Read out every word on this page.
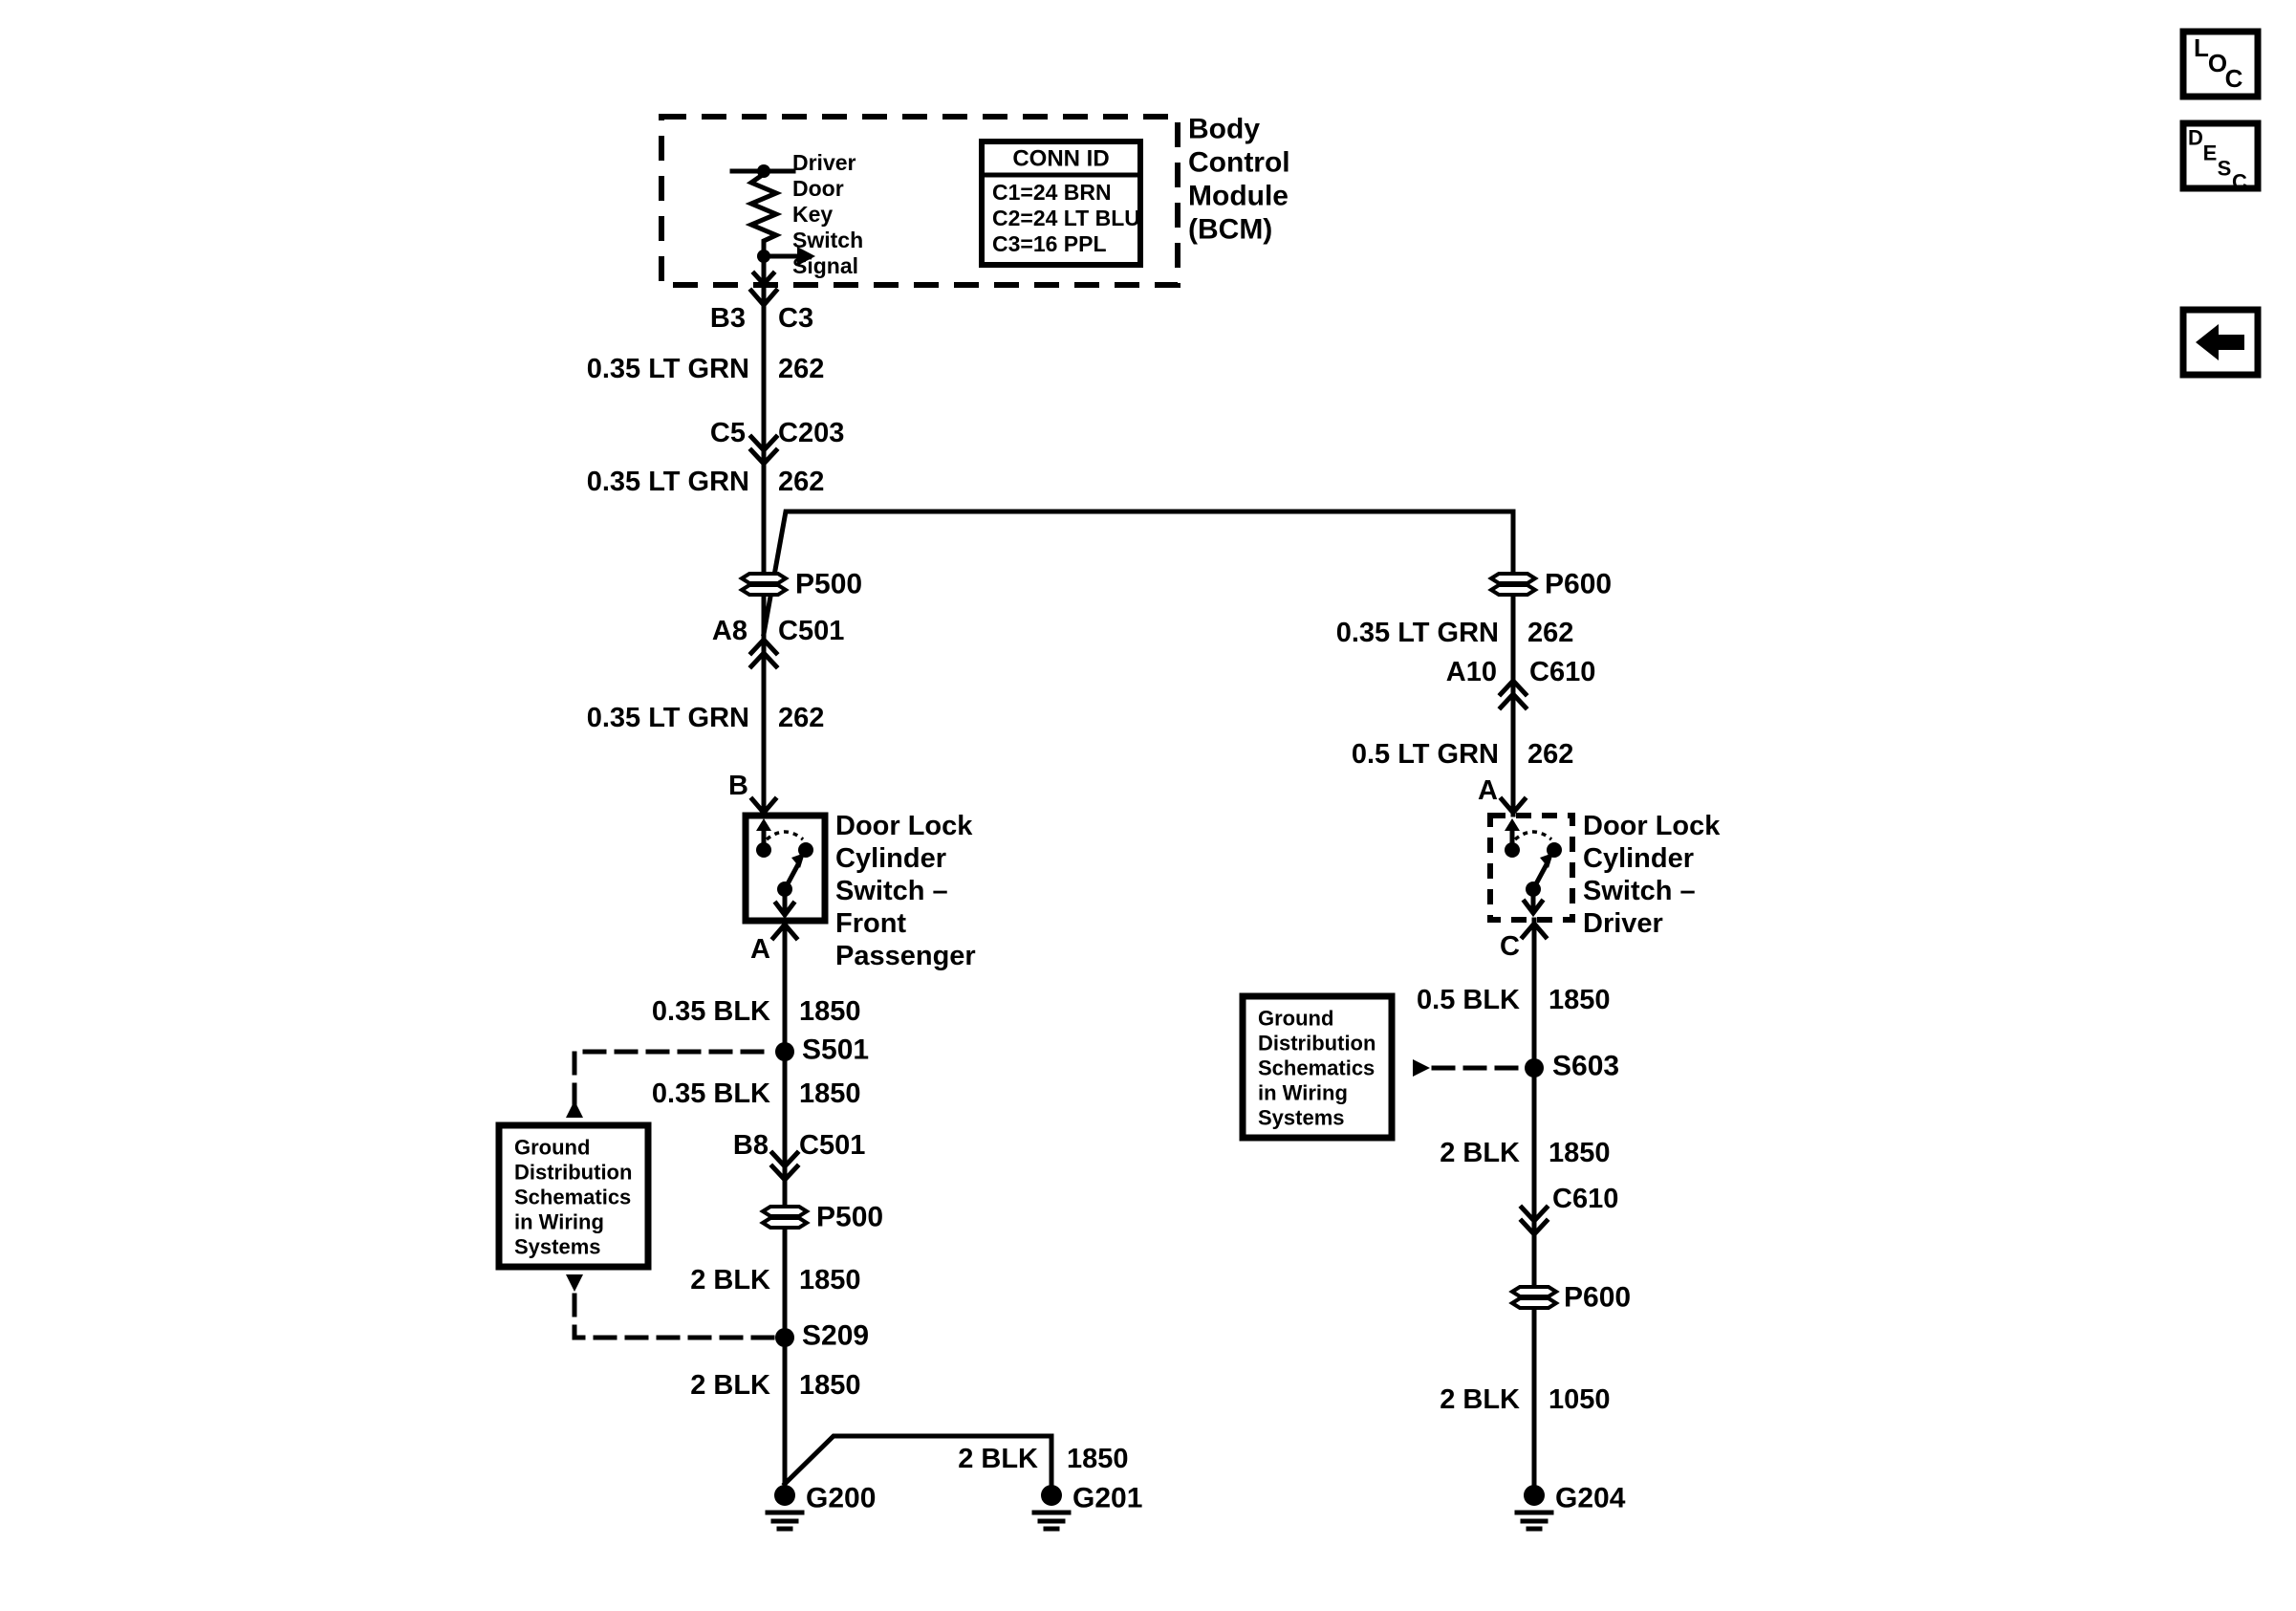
Driver
Door
Key
Switch
Signal
CONN ID
C1=24 BRN
C2=24 LT BLU
C3=16 PPL
Body
Control
Module
(BCM)
B3 C3
0.35 LT GRN 262
C5 C203
0.35 LT GRN 262
P500
A8 C501
0.35 LT GRN 262
B
Door Lock
Cylinder
Switch –
Front
Passenger
A
0.35 BLK 1850
S501
0.35 BLK 1850
B8 C501
P500
2 BLK 1850
S209
2 BLK 1850
G200
2 BLK 1850
G201
Ground
Distribution
Schematics
in Wiring
Systems
P600
0.35 LT GRN 262
A10 C610
0.5 LT GRN 262
A
Door Lock
Cylinder
Switch –
Driver
C
0.5 BLK 1850
S603
2 BLK 1850
C610
P600
2 BLK 1050
G204
Ground
Distribution
Schematics
in Wiring
Systems
L
O
C
D
E
S
C
